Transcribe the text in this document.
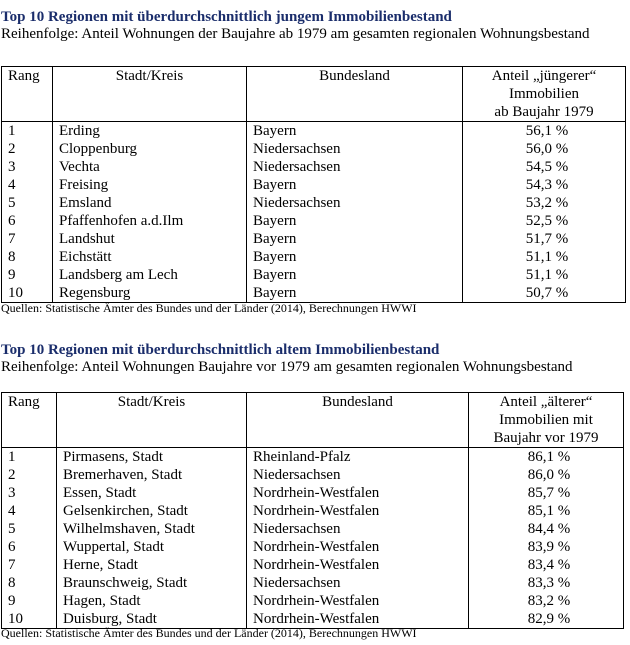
Top 10 Regionen mit überdurchschnittlich jungem Immobilienbestand
Reihenfolge: Anteil Wohnungen der Baujahre ab 1979 am gesamten regionalen Wohnungsbestand
Rang	Stadt/Kreis	Bundesland	Anteil „jüngerer“
Immobilien
ab Baujahr 1979

1	Erding	Bayern	56,1 %
2	Cloppenburg	Niedersachsen	56,0 %
3	Vechta	Niedersachsen	54,5 %
4	Freising	Bayern	54,3 %
5	Emsland	Niedersachsen	53,2 %
6	Pfaffenhofen a.d.Ilm	Bayern	52,5 %
7	Landshut	Bayern	51,7 %
8	Eichstätt	Bayern	51,1 %
9	Landsberg am Lech	Bayern	51,1 %
10	Regensburg	Bayern	50,7 %
Quellen: Statistische Ämter des Bundes und der Länder (2014), Berechnungen HWWI
Top 10 Regionen mit überdurchschnittlich altem Immobilienbestand
Reihenfolge: Anteil Wohnungen Baujahre vor 1979 am gesamten regionalen Wohnungsbestand
Rang	Stadt/Kreis	Bundesland	Anteil „älterer“
Immobilien mit
Baujahr vor 1979

1	Pirmasens, Stadt	Rheinland-Pfalz	86,1 %
2	Bremerhaven, Stadt	Niedersachsen	86,0 %
3	Essen, Stadt	Nordrhein-Westfalen	85,7 %
4	Gelsenkirchen, Stadt	Nordrhein-Westfalen	85,1 %
5	Wilhelmshaven, Stadt	Niedersachsen	84,4 %
6	Wuppertal, Stadt	Nordrhein-Westfalen	83,9 %
7	Herne, Stadt	Nordrhein-Westfalen	83,4 %
8	Braunschweig, Stadt	Niedersachsen	83,3 %
9	Hagen, Stadt	Nordrhein-Westfalen	83,2 %
10	Duisburg, Stadt	Nordrhein-Westfalen	82,9 %
Quellen: Statistische Ämter des Bundes und der Länder (2014), Berechnungen HWWI
